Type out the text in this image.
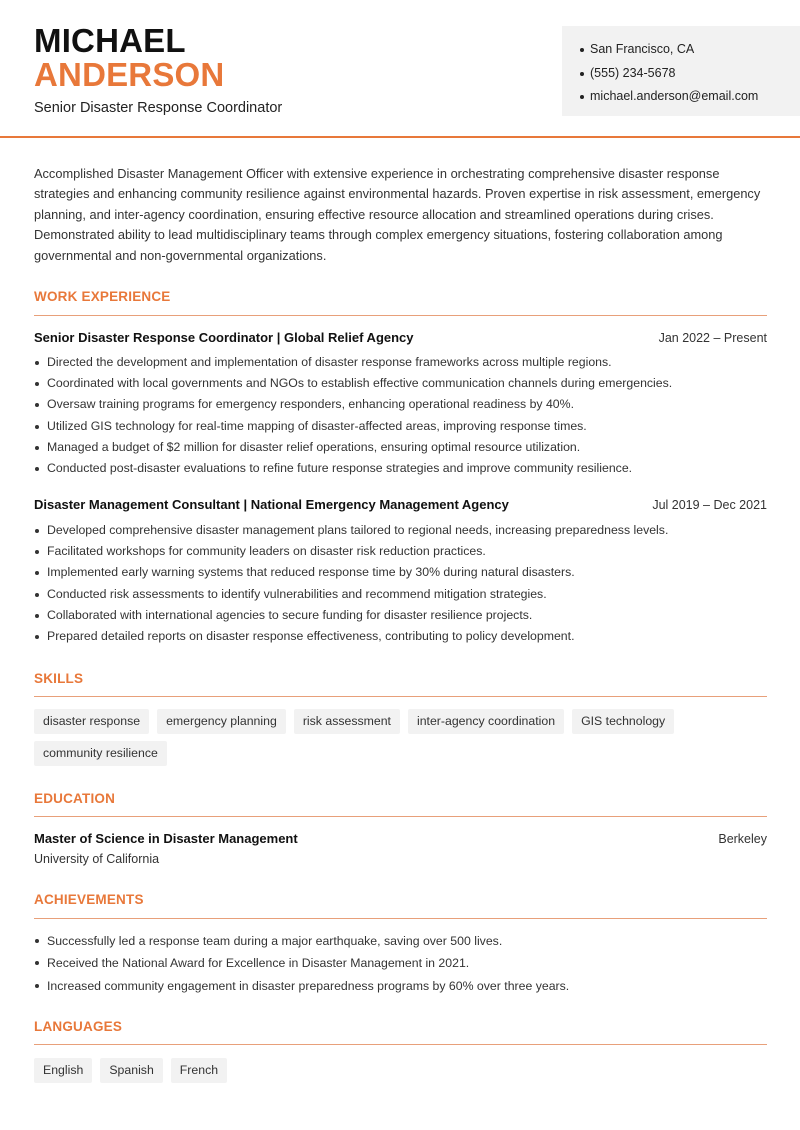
MICHAEL
ANDERSON
Senior Disaster Response Coordinator
San Francisco, CA
(555) 234-5678
michael.anderson@email.com

Accomplished Disaster Management Officer with extensive experience in orchestrating comprehensive disaster response strategies and enhancing community resilience against environmental hazards. Proven expertise in risk assessment, emergency planning, and inter-agency coordination, ensuring effective resource allocation and streamlined operations during crises. Demonstrated ability to lead multidisciplinary teams through complex emergency situations, fostering collaboration among governmental and non-governmental organizations.

WORK EXPERIENCE
Senior Disaster Response Coordinator | Global Relief Agency	Jan 2022 – Present
Directed the development and implementation of disaster response frameworks across multiple regions.
Coordinated with local governments and NGOs to establish effective communication channels during emergencies.
Oversaw training programs for emergency responders, enhancing operational readiness by 40%.
Utilized GIS technology for real-time mapping of disaster-affected areas, improving response times.
Managed a budget of $2 million for disaster relief operations, ensuring optimal resource utilization.
Conducted post-disaster evaluations to refine future response strategies and improve community resilience.
Disaster Management Consultant | National Emergency Management Agency	Jul 2019 – Dec 2021
Developed comprehensive disaster management plans tailored to regional needs, increasing preparedness levels.
Facilitated workshops for community leaders on disaster risk reduction practices.
Implemented early warning systems that reduced response time by 30% during natural disasters.
Conducted risk assessments to identify vulnerabilities and recommend mitigation strategies.
Collaborated with international agencies to secure funding for disaster resilience projects.
Prepared detailed reports on disaster response effectiveness, contributing to policy development.
SKILLS
disaster response	emergency planning	risk assessment	inter-agency coordination	GIS technology
community resilience
EDUCATION
Master of Science in Disaster Management	Berkeley
University of California
ACHIEVEMENTS
Successfully led a response team during a major earthquake, saving over 500 lives.
Received the National Award for Excellence in Disaster Management in 2021.
Increased community engagement in disaster preparedness programs by 60% over three years.
LANGUAGES
English	Spanish	French
